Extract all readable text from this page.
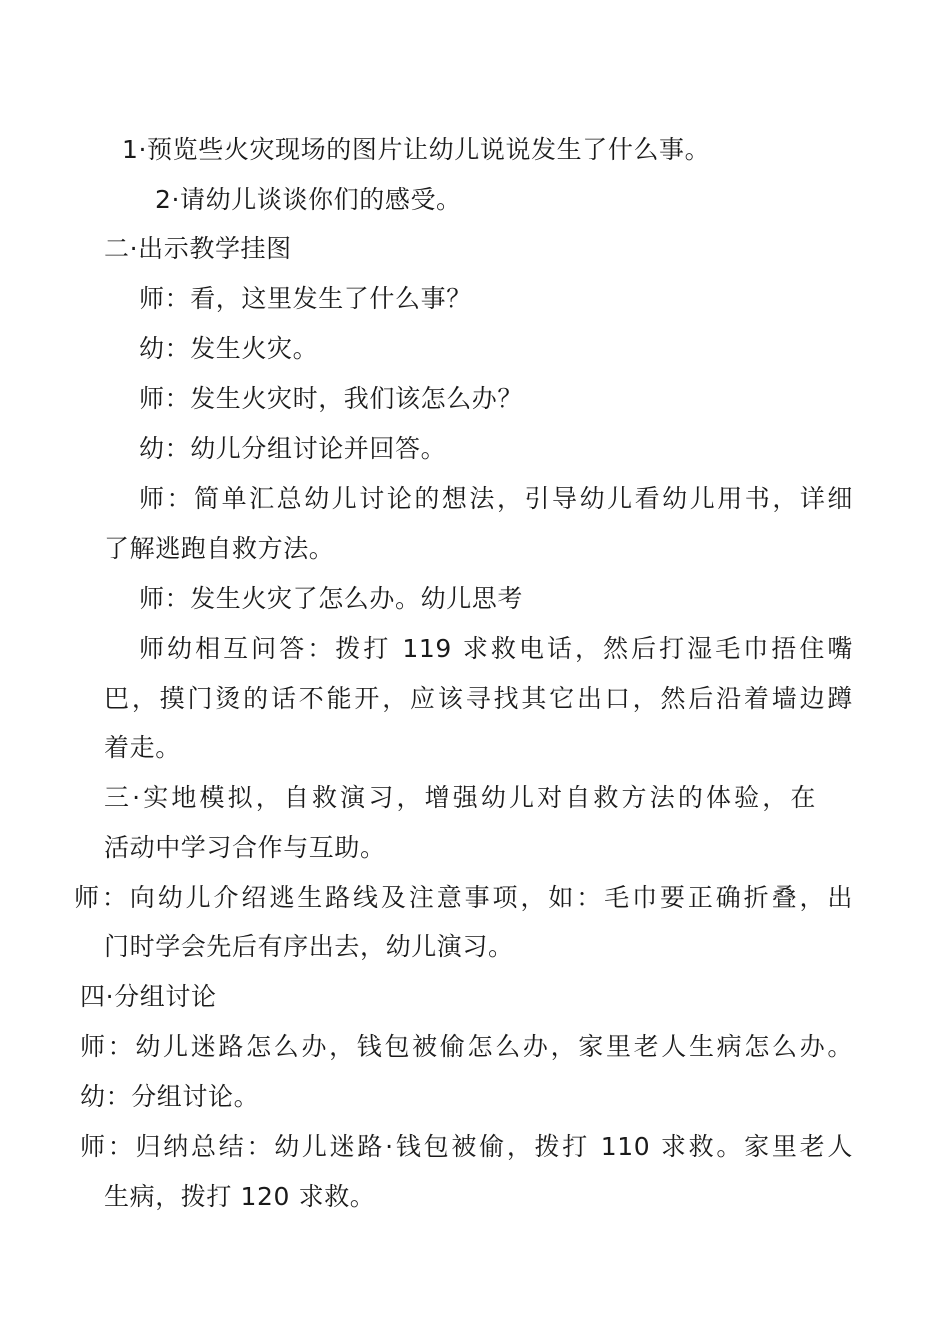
1·预览些火灾现场的图片让幼儿说说发生了什么事。
2·请幼儿谈谈你们的感受。
二·出示教学挂图
师：看，这里发生了什么事？
幼：发生火灾。
师：发生火灾时，我们该怎么办？
幼：幼儿分组讨论并回答。
师：简单汇总幼儿讨论的想法，引导幼儿看幼儿用书，详细
了解逃跑自救方法。
师：发生火灾了怎么办。幼儿思考
师幼相互问答：拨打 119 求救电话，然后打湿毛巾捂住嘴
巴，摸门烫的话不能开，应该寻找其它出口，然后沿着墙边蹲
着走。
三·实地模拟，自救演习，增强幼儿对自救方法的体验，在
活动中学习合作与互助。
师：向幼儿介绍逃生路线及注意事项，如：毛巾要正确折叠，出
门时学会先后有序出去，幼儿演习。
四·分组讨论
师：幼儿迷路怎么办，钱包被偷怎么办，家里老人生病怎么办。
幼：分组讨论。
师：归纳总结：幼儿迷路·钱包被偷，拨打 110 求救。家里老人
生病，拨打 120 求救。
